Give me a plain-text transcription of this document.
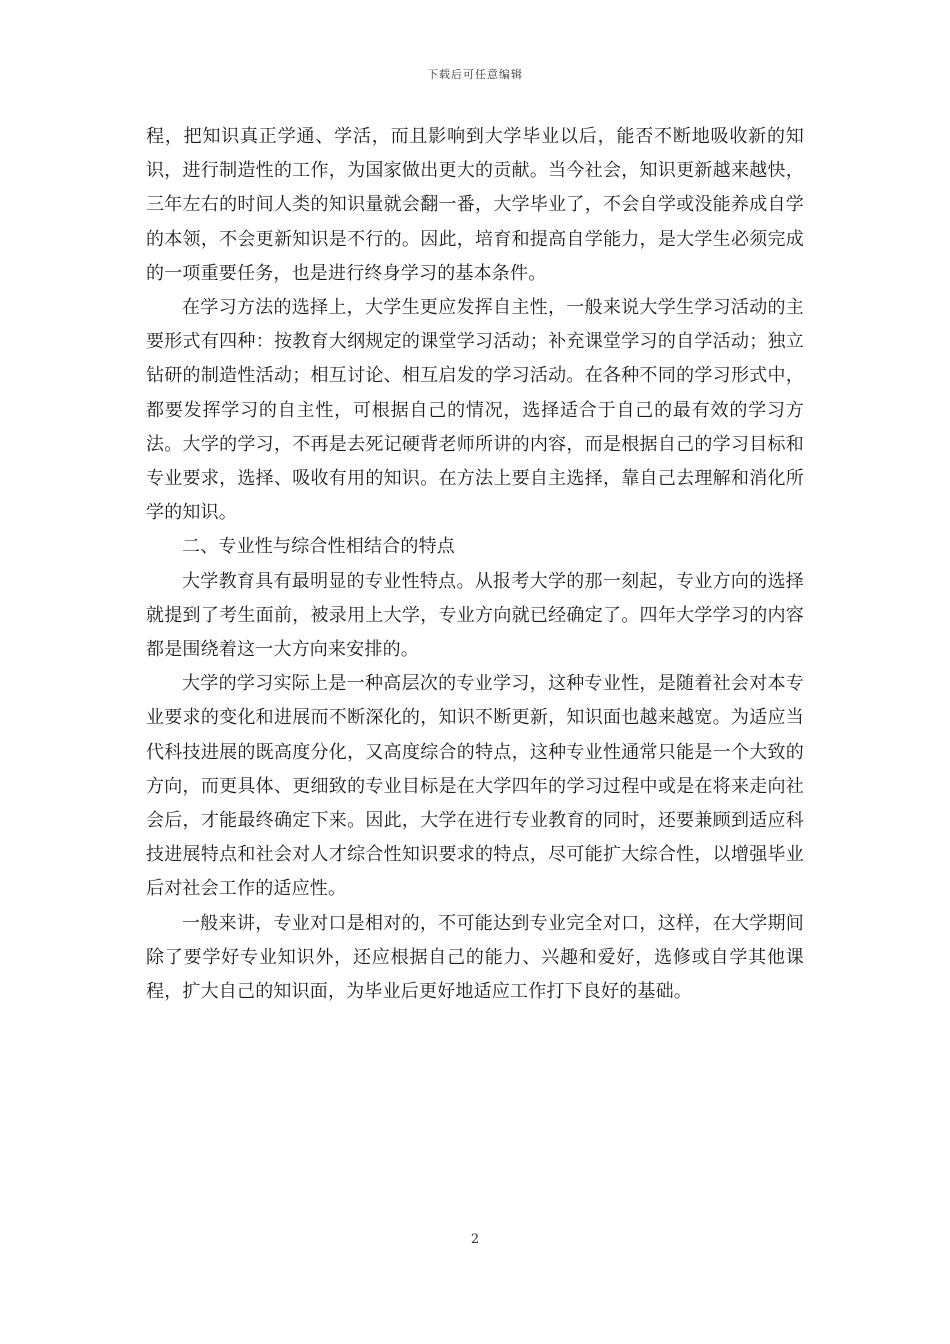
下载后可任意编辑

程，把知识真正学通、学活，而且影响到大学毕业以后，能否不断地吸收新的知识，进行制造性的工作，为国家做出更大的贡献。当今社会，知识更新越来越快，三年左右的时间人类的知识量就会翻一番，大学毕业了，不会自学或没能养成自学的本领，不会更新知识是不行的。因此，培育和提高自学能力，是大学生必须完成的一项重要任务，也是进行终身学习的基本条件。

在学习方法的选择上，大学生更应发挥自主性，一般来说大学生学习活动的主要形式有四种：按教育大纲规定的课堂学习活动；补充课堂学习的自学活动；独立钻研的制造性活动；相互讨论、相互启发的学习活动。在各种不同的学习形式中，都要发挥学习的自主性，可根据自己的情况，选择适合于自己的最有效的学习方法。大学的学习，不再是去死记硬背老师所讲的内容，而是根据自己的学习目标和专业要求，选择、吸收有用的知识。在方法上要自主选择，靠自己去理解和消化所学的知识。

二、专业性与综合性相结合的特点

大学教育具有最明显的专业性特点。从报考大学的那一刻起，专业方向的选择就提到了考生面前，被录用上大学，专业方向就已经确定了。四年大学学习的内容都是围绕着这一大方向来安排的。

大学的学习实际上是一种高层次的专业学习，这种专业性，是随着社会对本专业要求的变化和进展而不断深化的，知识不断更新，知识面也越来越宽。为适应当代科技进展的既高度分化，又高度综合的特点，这种专业性通常只能是一个大致的方向，而更具体、更细致的专业目标是在大学四年的学习过程中或是在将来走向社会后，才能最终确定下来。因此，大学在进行专业教育的同时，还要兼顾到适应科技进展特点和社会对人才综合性知识要求的特点，尽可能扩大综合性，以增强毕业后对社会工作的适应性。

一般来讲，专业对口是相对的，不可能达到专业完全对口，这样，在大学期间除了要学好专业知识外，还应根据自己的能力、兴趣和爱好，选修或自学其他课程，扩大自己的知识面，为毕业后更好地适应工作打下良好的基础。

2
